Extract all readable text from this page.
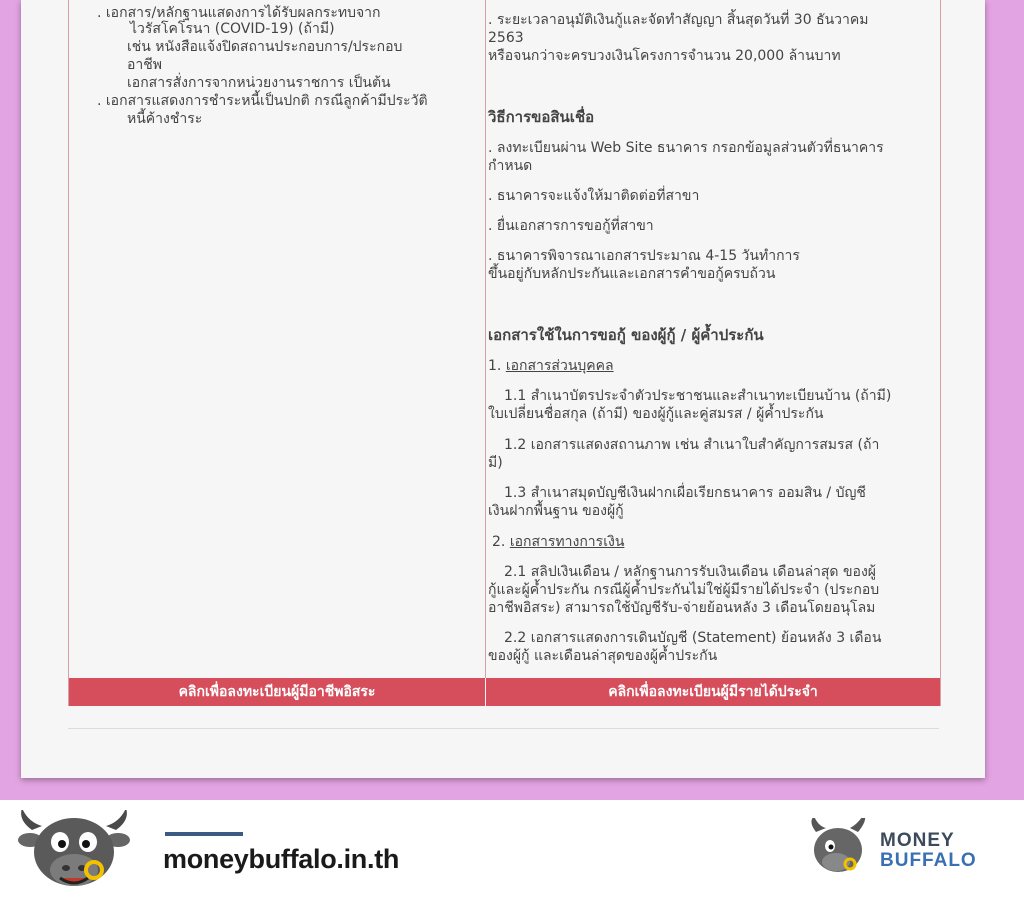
. เอกสาร/หลักฐานแสดงการได้รับผลกระทบจาก
ไวรัสโคโรนา (COVID-19) (ถ้ามี)
เช่น หนังสือแจ้งปิดสถานประกอบการ/ประกอบ
อาชีพ
เอกสารสั่งการจากหน่วยงานราชการ เป็นต้น
. เอกสารแสดงการชำระหนี้เป็นปกติ กรณีลูกค้ามีประวัติ
หนี้ค้างชำระ
. ระยะเวลาอนุมัติเงินกู้และจัดทำสัญญา สิ้นสุดวันที่ 30 ธันวาคม
2563
หรือจนกว่าจะครบวงเงินโครงการจำนวน 20,000 ล้านบาท
วิธีการขอสินเชื่อ
. ลงทะเบียนผ่าน Web Site ธนาคาร กรอกข้อมูลส่วนตัวที่ธนาคาร
กำหนด
. ธนาคารจะแจ้งให้มาติดต่อที่สาขา
. ยื่นเอกสารการขอกู้ที่สาขา
. ธนาคารพิจารณาเอกสารประมาณ 4-15 วันทำการ
ขึ้นอยู่กับหลักประกันและเอกสารคำขอกู้ครบถ้วน
เอกสารใช้ในการขอกู้ ของผู้กู้ / ผู้ค้ำประกัน
1. เอกสารส่วนบุคคล
1.1 สำเนาบัตรประจำตัวประชาชนและสำเนาทะเบียนบ้าน (ถ้ามี)
ใบเปลี่ยนชื่อสกุล (ถ้ามี) ของผู้กู้และคู่สมรส / ผู้ค้ำประกัน
1.2 เอกสารแสดงสถานภาพ เช่น สำเนาใบสำคัญการสมรส (ถ้า
มี)
1.3 สำเนาสมุดบัญชีเงินฝากเผื่อเรียกธนาคาร ออมสิน / บัญชี
เงินฝากพื้นฐาน ของผู้กู้
2. เอกสารทางการเงิน
2.1 สลิปเงินเดือน / หลักฐานการรับเงินเดือน เดือนล่าสุด ของผู้
กู้และผู้ค้ำประกัน กรณีผู้ค้ำประกันไม่ใช่ผู้มีรายได้ประจำ (ประกอบ
อาชีพอิสระ) สามารถใช้บัญชีรับ-จ่ายย้อนหลัง 3 เดือนโดยอนุโลม
2.2 เอกสารแสดงการเดินบัญชี (Statement) ย้อนหลัง 3 เดือน
ของผู้กู้ และเดือนล่าสุดของผู้ค้ำประกัน
คลิกเพื่อลงทะเบียนผู้มีอาชีพอิสระ	คลิกเพื่อลงทะเบียนผู้มีรายได้ประจำ
moneybuffalo.in.th
MONEY
BUFFALO
